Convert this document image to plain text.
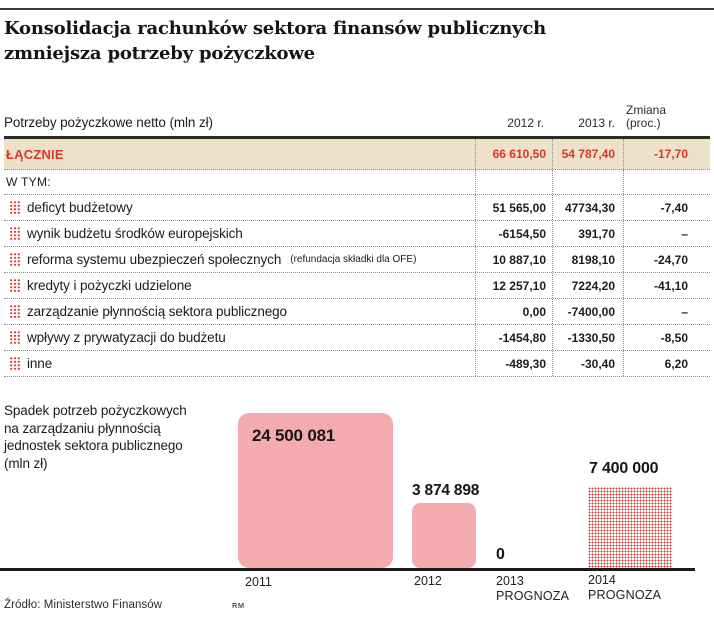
Konsolidacja rachunków sektora finansów publicznych
zmniejsza potrzeby pożyczkowe
Potrzeby pożyczkowe netto (mln zł)	2012 r.	2013 r.
Zmiana
(proc.)
ŁĄCZNIE	66 610,50	54 787,40	-17,70
W TYM:
deficyt budżetowy	51 565,00	47734,30	-7,40
wynik budżetu środków europejskich	-6154,50	391,70	–
reforma systemu ubezpieczeń społecznych (refundacja składki dla OFE)	10 887,10	8198,10	-24,70
kredyty i pożyczki udzielone	12 257,10	7224,20	-41,10
zarządzanie płynnością sektora publicznego	0,00	-7400,00	–
wpływy z prywatyzacji do budżetu	-1454,80	-1330,50	-8,50
inne	-489,30	-30,40	6,20
Spadek potrzeb pożyczkowych
na zarządzaniu płynnością
jednostek sektora publicznego
(mln zł)
24 500 081
3 874 898
0
7 400 000
2011	2012	2013
PROGNOZA
2014
PROGNOZA
Źródło: Ministerstwo Finansów	RM
